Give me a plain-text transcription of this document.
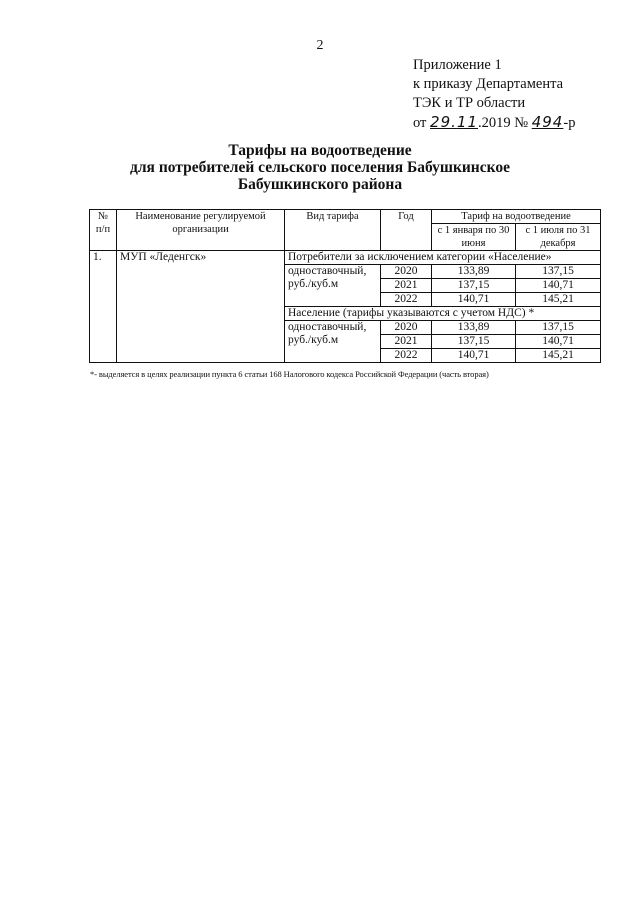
2
Приложение 1
к приказу Департамента
ТЭК и ТР области
от 29.11.2019 № 494-р
Тарифы на водоотведение
для потребителей сельского поселения Бабушкинское
Бабушкинского района
№ п/п	Наименование регулируемой организации	Вид тарифа	Год	Тариф на водоотведение	
				с 1 января по 30 июня	с 1 июля по 31 декабря
1.	МУП «Леденгск»	Потребители за исключением категории «Население»			
		одноставочный, руб./куб.м	2020	133,89	137,15
			2021	137,15	140,71
			2022	140,71	145,21
		Население (тарифы указываются с учетом НДС) *			
		одноставочный, руб./куб.м	2020	133,89	137,15
			2021	137,15	140,71
			2022	140,71	145,21
*- выделяется в целях реализации пункта 6 статьи 168 Налогового кодекса Российской Федерации (часть вторая)
